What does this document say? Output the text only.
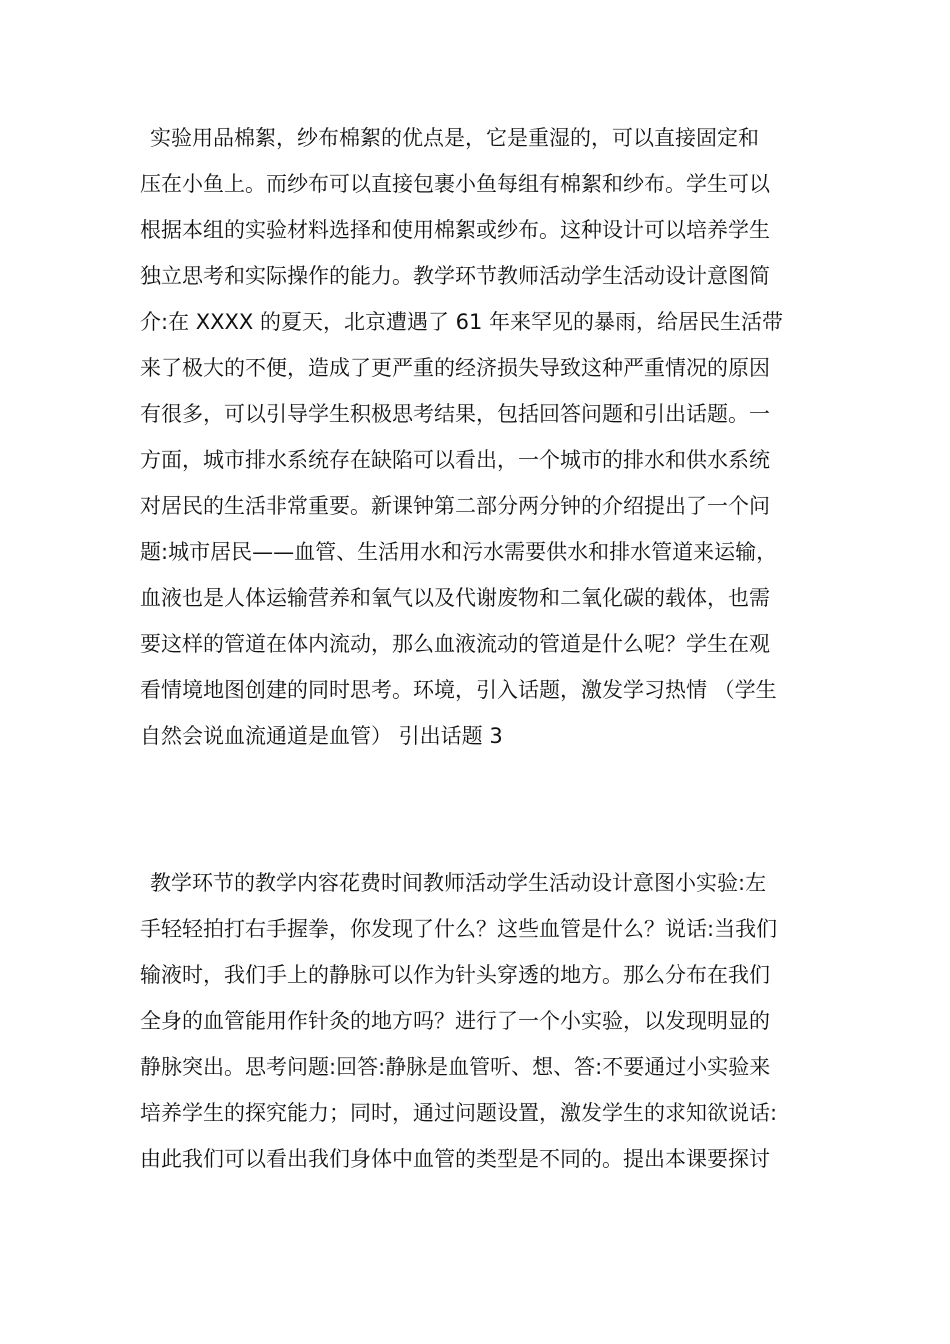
实验用品棉絮，纱布棉絮的优点是，它是重湿的，可以直接固定和
压在小鱼上。而纱布可以直接包裹小鱼每组有棉絮和纱布。学生可以
根据本组的实验材料选择和使用棉絮或纱布。这种设计可以培养学生
独立思考和实际操作的能力。教学环节教师活动学生活动设计意图简
介:在 XXXX 的夏天，北京遭遇了 61 年来罕见的暴雨，给居民生活带
来了极大的不便，造成了更严重的经济损失导致这种严重情况的原因
有很多，可以引导学生积极思考结果，包括回答问题和引出话题。一
方面，城市排水系统存在缺陷可以看出，一个城市的排水和供水系统
对居民的生活非常重要。新课钟第二部分两分钟的介绍提出了一个问
题:城市居民——血管、生活用水和污水需要供水和排水管道来运输，
血液也是人体运输营养和氧气以及代谢废物和二氧化碳的载体，也需
要这样的管道在体内流动，那么血液流动的管道是什么呢？学生在观
看情境地图创建的同时思考。环境，引入话题，激发学习热情 （学生
自然会说血流通道是血管） 引出话题 3
教学环节的教学内容花费时间教师活动学生活动设计意图小实验:左
手轻轻拍打右手握拳，你发现了什么？这些血管是什么？说话:当我们
输液时，我们手上的静脉可以作为针头穿透的地方。那么分布在我们
全身的血管能用作针灸的地方吗？进行了一个小实验，以发现明显的
静脉突出。思考问题:回答:静脉是血管听、想、答:不要通过小实验来
培养学生的探究能力；同时，通过问题设置，激发学生的求知欲说话:
由此我们可以看出我们身体中血管的类型是不同的。提出本课要探讨
